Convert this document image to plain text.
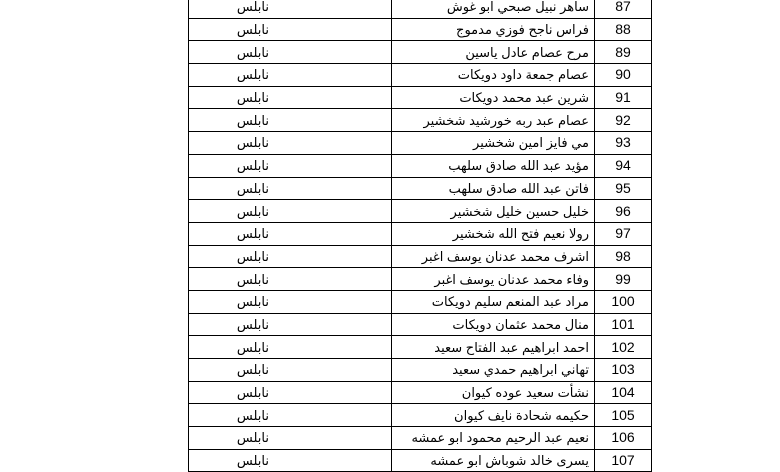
87	ساهر نبيل صبحي ابو غوش	نابلس
88	فراس ناجح فوزي مدموج	نابلس
89	مرح عصام عادل ياسين	نابلس
90	عصام جمعة داود دويكات	نابلس
91	شرين عبد محمد دويكات	نابلس
92	عصام عبد ربه خورشيد شخشير	نابلس
93	مي فايز امين شخشير	نابلس
94	مؤيد عبد الله صادق سلهب	نابلس
95	فاتن عبد الله صادق سلهب	نابلس
96	خليل حسين خليل شخشير	نابلس
97	رولا نعيم فتح الله شخشير	نابلس
98	اشرف محمد عدنان يوسف اغبر	نابلس
99	وفاء محمد عدنان يوسف اغبر	نابلس
100	مراد عبد المنعم سليم دويكات	نابلس
101	منال محمد عثمان دويكات	نابلس
102	احمد ابراهيم عبد الفتاح سعيد	نابلس
103	تهاني ابراهيم حمدي سعيد	نابلس
104	نشأت سعيد عوده كيوان	نابلس
105	حكيمه شحادة نايف كيوان	نابلس
106	نعيم عبد الرحيم محمود ابو عمشه	نابلس
107	يسرى خالد شوباش ابو عمشه	نابلس
